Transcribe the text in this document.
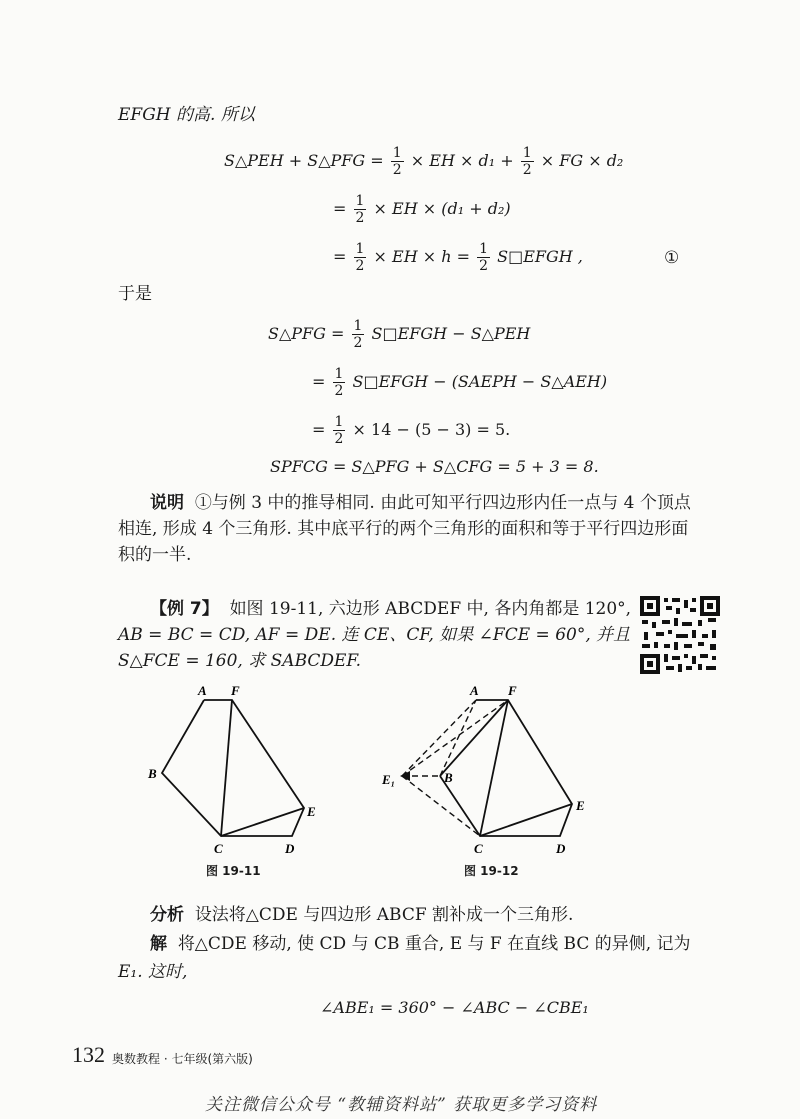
EFGH 的高. 所以
S△PEH + S△PFG = $\frac{1}{2}$ × EH × $d_1 + \frac{1}{2}$ × FG × d₂
= $\frac{1}{2}$ × EH × (d₁ + d₂)
= $\frac{1}{2}$ × EH × $h = \frac{1}{2}$ S□EFGH ,	①
于是
S△PFG = $\frac{1}{2}$ S□EFGH − S△PEH
= $\frac{1}{2}$ S□EFGH − (SAEPH − S△AEH)
= $\frac{1}{2} \times 14 - (5 - 3) = 5$.
SPFCG = S△PFG + S△CFG = 5 + 3 = 8.
说明 ①与例 3 中的推导相同. 由此可知平行四边形内任一点与 4 个顶点
相连, 形成 4 个三角形. 其中底平行的两个三角形的面积和等于平行四边形面
积的一半.
【例 7】 如图 19-11, 六边形 ABCDEF 中, 各内角都是 120°,
AB = BC = CD, AF = DE. 连 CE、CF, 如果 ∠FCE = 60°, 并且
S△FCE = 160, 求 SABCDEF.
A F
B
E
C	D
图 19-11
A F
B
E₁
E
C	D
图 19-12
分析 设法将△CDE 与四边形 ABCF 割补成一个三角形.
解 将△CDE 移动, 使 CD 与 CB 重合, E 与 F 在直线 BC 的异侧, 记为
E₁. 这时,
∠ABE₁ = 360° − ∠ABC − ∠CBE₁
132 奥数教程 · 七年级(第六版)
关注微信公众号 “教辅资料站” 获取更多学习资料
